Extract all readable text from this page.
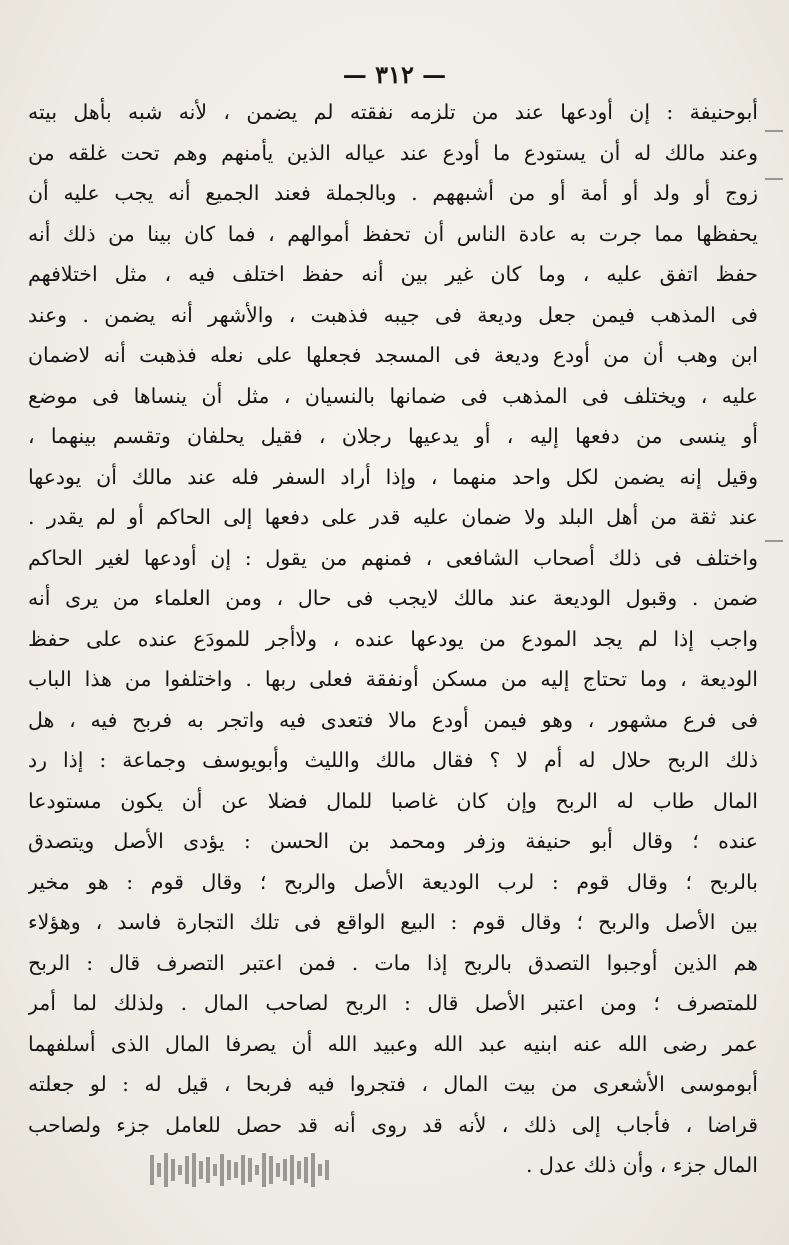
— ٣١٢ —
أبوحنيفة : إن أودعها عند من تلزمه نفقته لم يضمن ، لأنه شبه بأهل بيته
وعند مالك له أن يستودع ما أودع عند عياله الذين يأمنهم وهم تحت غلقه من
زوج أو ولد أو أمة أو من أشبههم . وبالجملة فعند الجميع أنه يجب عليه أن
يحفظها مما جرت به عادة الناس أن تحفظ أموالهم ، فما كان بينا من ذلك أنه
حفظ اتفق عليه ، وما كان غير بين أنه حفظ اختلف فيه ، مثل اختلافهم
فى المذهب فيمن جعل وديعة فى جيبه فذهبت ، والأشهر أنه يضمن . وعند
ابن وهب أن من أودع وديعة فى المسجد فجعلها على نعله فذهبت أنه لاضمان
عليه ، ويختلف فى المذهب فى ضمانها بالنسيان ، مثل أن ينساها فى موضع
أو ينسى من دفعها إليه ، أو يدعيها رجلان ، فقيل يحلفان وتقسم بينهما ،
وقيل إنه يضمن لكل واحد منهما ، وإذا أراد السفر فله عند مالك أن يودعها
عند ثقة من أهل البلد ولا ضمان عليه قدر على دفعها إلى الحاكم أو لم يقدر .
واختلف فى ذلك أصحاب الشافعى ، فمنهم من يقول : إن أودعها لغير الحاكم
ضمن . وقبول الوديعة عند مالك لايجب فى حال ، ومن العلماء من يرى أنه
واجب إذا لم يجد المودع من يودعها عنده ، ولاأجر للمودَع عنده على حفظ
الوديعة ، وما تحتاج إليه من مسكن أونفقة فعلى ربها . واختلفوا من هذا الباب
فى فرع مشهور ، وهو فيمن أودع مالا فتعدى فيه واتجر به فربح فيه ، هل
ذلك الربح حلال له أم لا ؟ فقال مالك والليث وأبويوسف وجماعة : إذا رد
المال طاب له الربح وإن كان غاصبا للمال فضلا عن أن يكون مستودعا
عنده ؛ وقال أبو حنيفة وزفر ومحمد بن الحسن : يؤدى الأصل ويتصدق
بالربح ؛ وقال قوم : لرب الوديعة الأصل والربح ؛ وقال قوم : هو مخير
بين الأصل والربح ؛ وقال قوم : البيع الواقع فى تلك التجارة فاسد ، وهؤلاء
هم الذين أوجبوا التصدق بالربح إذا مات . فمن اعتبر التصرف قال : الربح
للمتصرف ؛ ومن اعتبر الأصل قال : الربح لصاحب المال . ولذلك لما أمر
عمر رضى الله عنه ابنيه عبد الله وعبيد الله أن يصرفا المال الذى أسلفهما
أبوموسى الأشعرى من بيت المال ، فتجروا فيه فربحا ، قيل له : لو جعلته
قراضا ، فأجاب إلى ذلك ، لأنه قد روى أنه قد حصل للعامل جزء ولصاحب
المال جزء ، وأن ذلك عدل .
